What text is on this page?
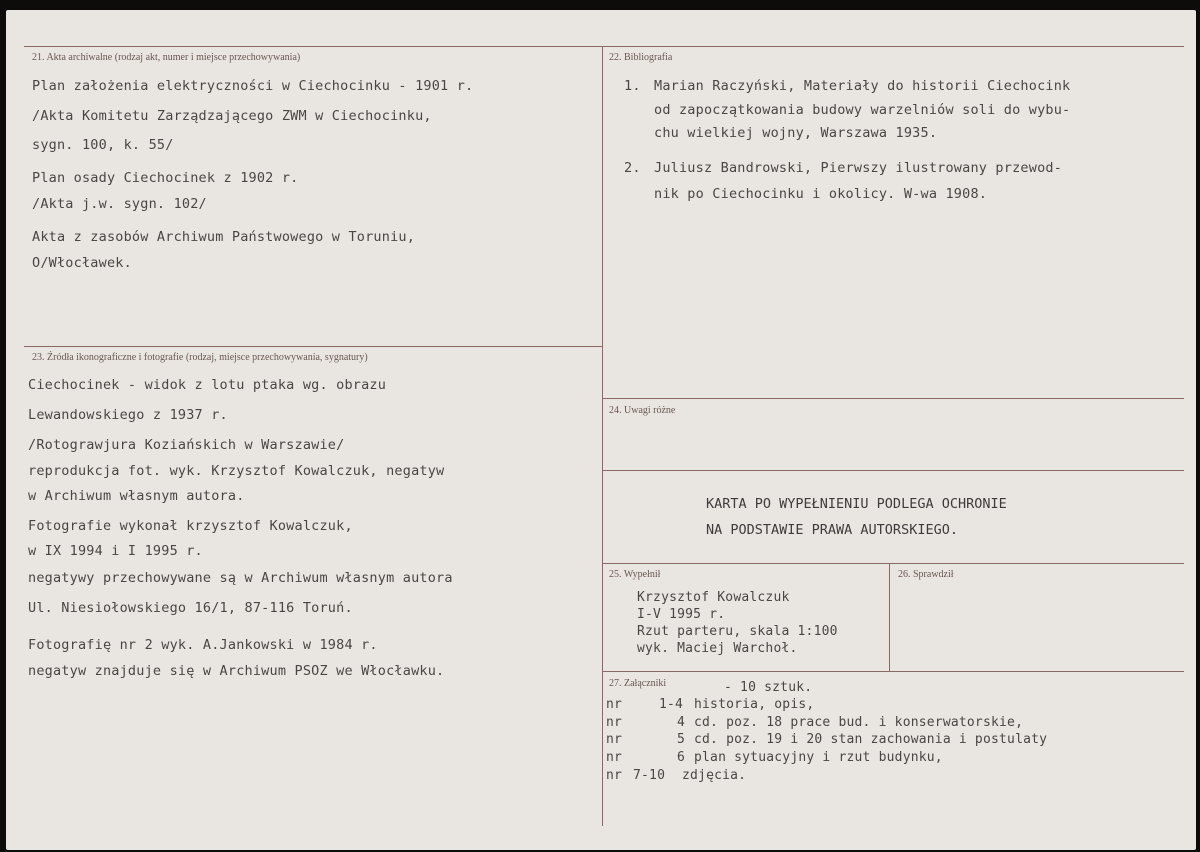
21. Akta archiwalne (rodzaj akt, numer i miejsce przechowywania)
Plan założenia elektryczności w Ciechocinku - 1901 r.
/Akta Komitetu Zarządzającego ZWM w Ciechocinku,
sygn. 100, k. 55/
Plan osady Ciechocinek z 1902 r.
/Akta j.w. sygn. 102/
Akta z zasobów Archiwum Państwowego w Toruniu,
O/Włocławek.
22. Bibliografia
1. Marian Raczyński, Materiały do historii Ciechocink
od zapoczątkowania budowy warzelniów soli do wybu-
chu wielkiej wojny, Warszawa 1935.
2. Juliusz Bandrowski, Pierwszy ilustrowany przewod-
nik po Ciechocinku i okolicy. W-wa 1908.
23. Źródła ikonograficzne i fotografie (rodzaj, miejsce przechowywania, sygnatury)
Ciechocinek - widok z lotu ptaka wg. obrazu
Lewandowskiego z 1937 r.
/Rotograwjura Koziańskich w Warszawie/
reprodukcja fot. wyk. Krzysztof Kowalczuk, negatyw
w Archiwum własnym autora.
Fotografie wykonał krzysztof Kowalczuk,
w IX 1994 i I 1995 r.
negatywy przechowywane są w Archiwum własnym autora
Ul. Niesiołowskiego 16/1, 87-116 Toruń.
Fotografię nr 2 wyk. A.Jankowski w 1984 r.
negatyw znajduje się w Archiwum PSOZ we Włocławku.
24. Uwagi różne
KARTA PO WYPEŁNIENIU PODLEGA OCHRONIE
NA PODSTAWIE PRAWA AUTORSKIEGO.
25. Wypełnił
Krzysztof Kowalczuk
I-V 1995 r.
Rzut parteru, skala 1:100
wyk. Maciej Warchoł.
26. Sprawdził
27. Załączniki	- 10 sztuk.
nr	1-4 historia, opis,
nr	4 cd. poz. 18 prace bud. i konserwatorskie,
nr	5 cd. poz. 19 i 20 stan zachowania i postulaty
nr	6 plan sytuacyjny i rzut budynku,
nr 7-10 zdjęcia.
